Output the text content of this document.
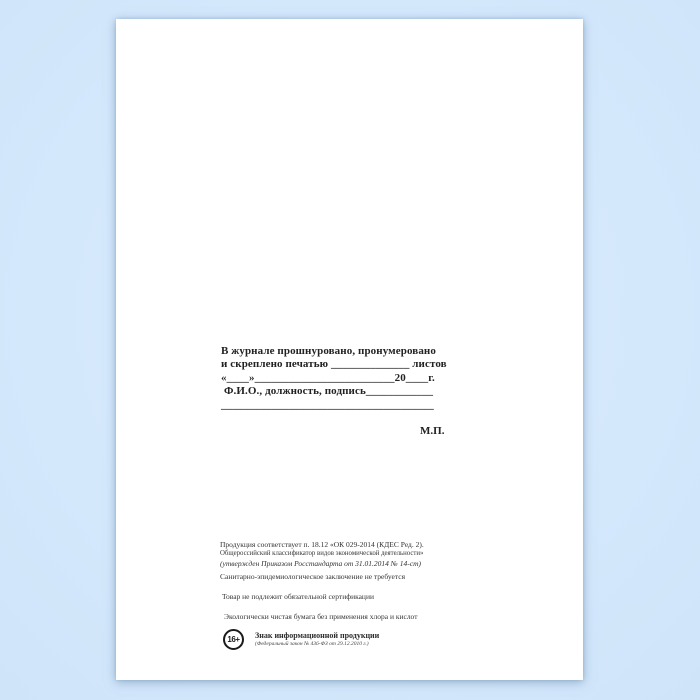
В журнале прошнуровано, пронумеровано
и скреплено печатью ______________ листов
«____»_________________________20____г.
Ф.И.О., должность, подпись____________
______________________________________
М.П.
Продукция соответствует п. 18.12 «ОК 029-2014 (КДЕС Ред. 2).
Общероссийский классификатор видов экономической деятельности»
(утвержден Приказом Росстандарта от 31.01.2014 № 14-ст)
Санитарно-эпидемиологическое заключение не требуется
Товар не подлежит обязательной сертификации
Экологически чистая бумага без применения хлора и кислот
16+ Знак информационной продукции
(Федеральный закон № 436-ФЗ от 29.12.2010 г.)
